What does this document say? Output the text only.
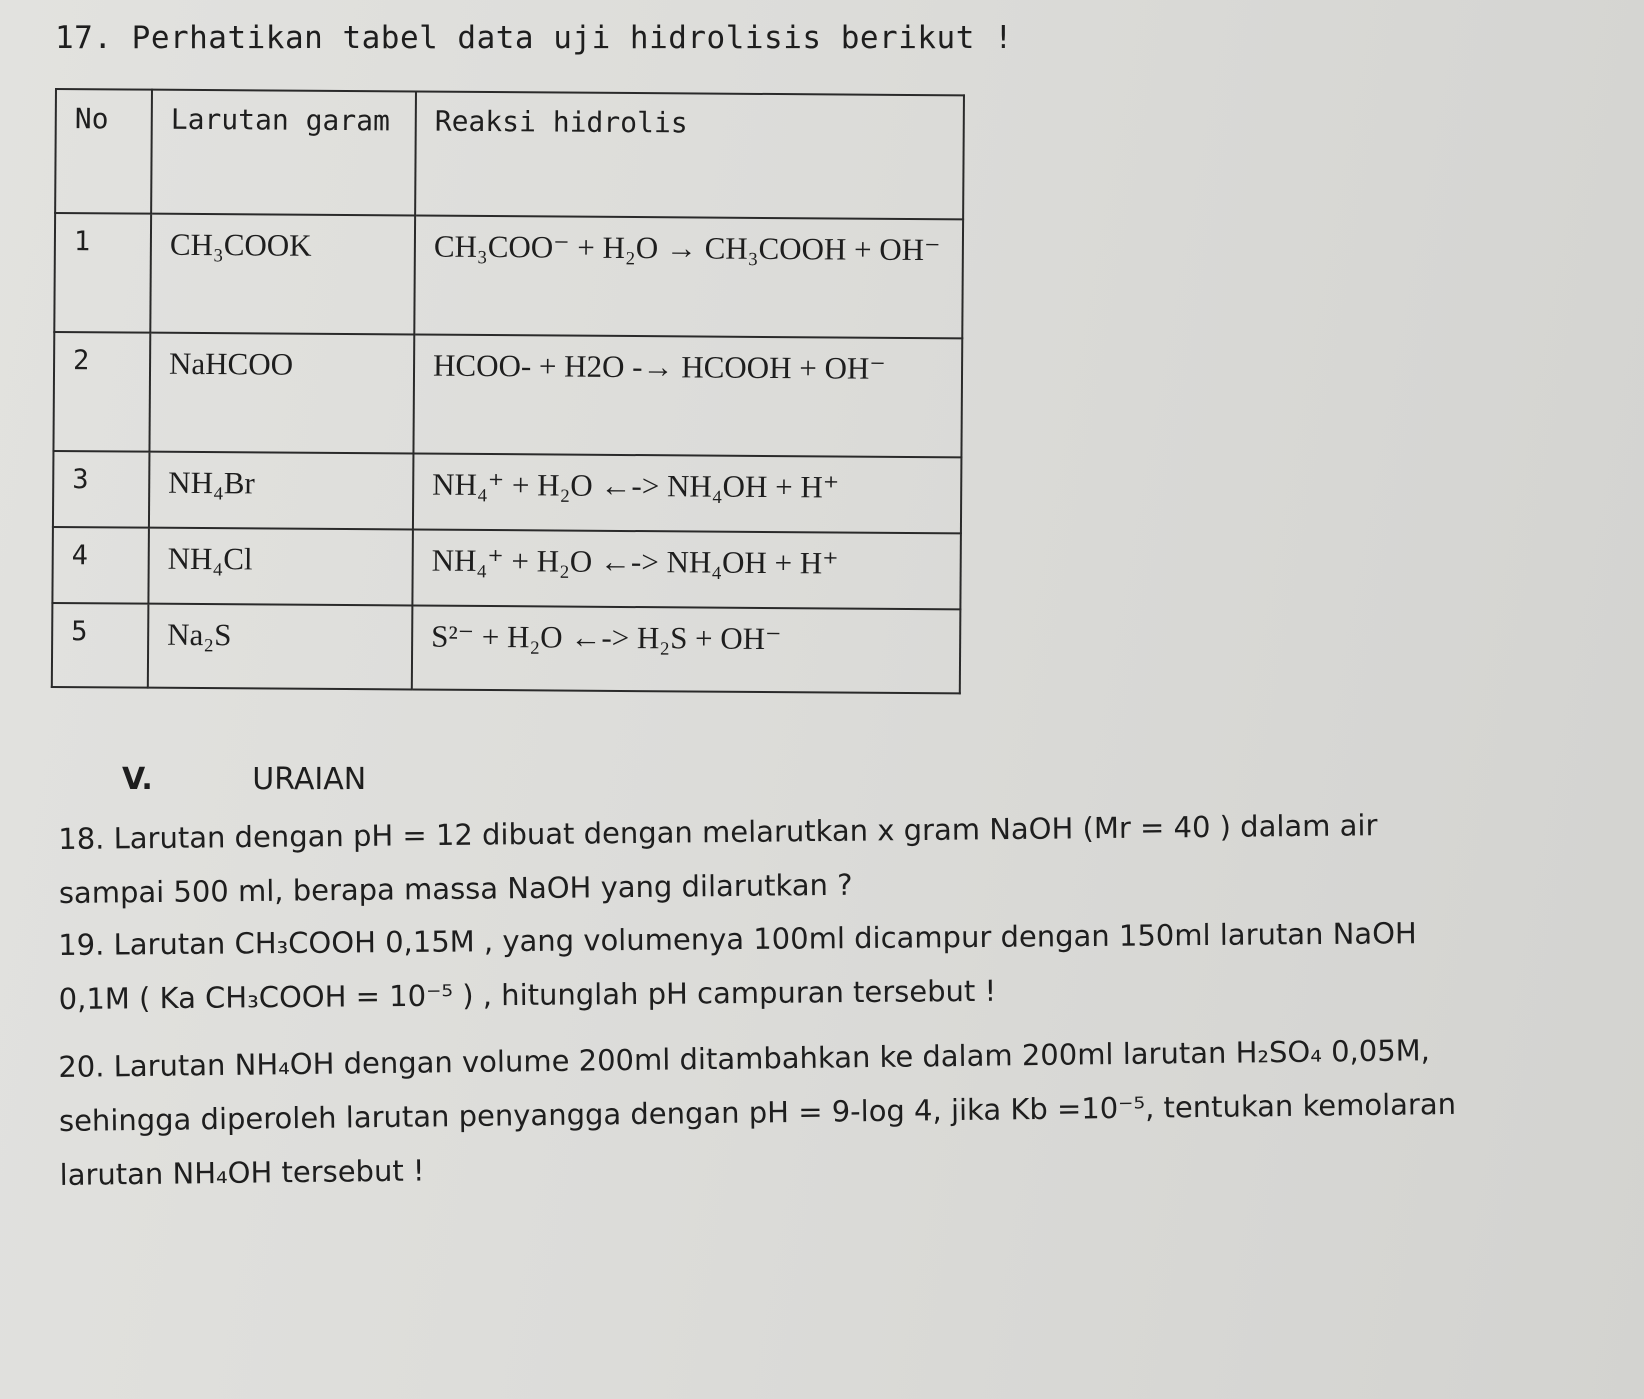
17. Perhatikan tabel data uji hidrolisis berikut !
No	Larutan garam	Reaksi hidrolis
1	CH₃COOK	CH₃COO⁻ + H₂O → CH₃COOH + OH⁻
2	NaHCOO	HCOO- + H2O -→ HCOOH + OH⁻
3	NH₄Br	NH₄⁺ + H₂O ←-> NH₄OH + H⁺
4	NH₄Cl	NH₄⁺ + H₂O ←-> NH₄OH + H⁺
5	Na₂S	S²⁻ + H₂O ←-> H₂S + OH⁻
V.	URAIAN
18. Larutan dengan pH = 12 dibuat dengan melarutkan x gram NaOH (Mr = 40 ) dalam air
sampai 500 ml, berapa massa NaOH yang dilarutkan ?
19. Larutan CH₃COOH 0,15M , yang volumenya 100ml dicampur dengan 150ml larutan NaOH
0,1M ( Ka CH₃COOH = 10⁻⁵ ) , hitunglah pH campuran tersebut !
20. Larutan NH₄OH dengan volume 200ml ditambahkan ke dalam 200ml larutan H₂SO₄ 0,05M,
sehingga diperoleh larutan penyangga dengan pH = 9-log 4, jika Kb =10⁻⁵, tentukan kemolaran
larutan NH₄OH tersebut !
